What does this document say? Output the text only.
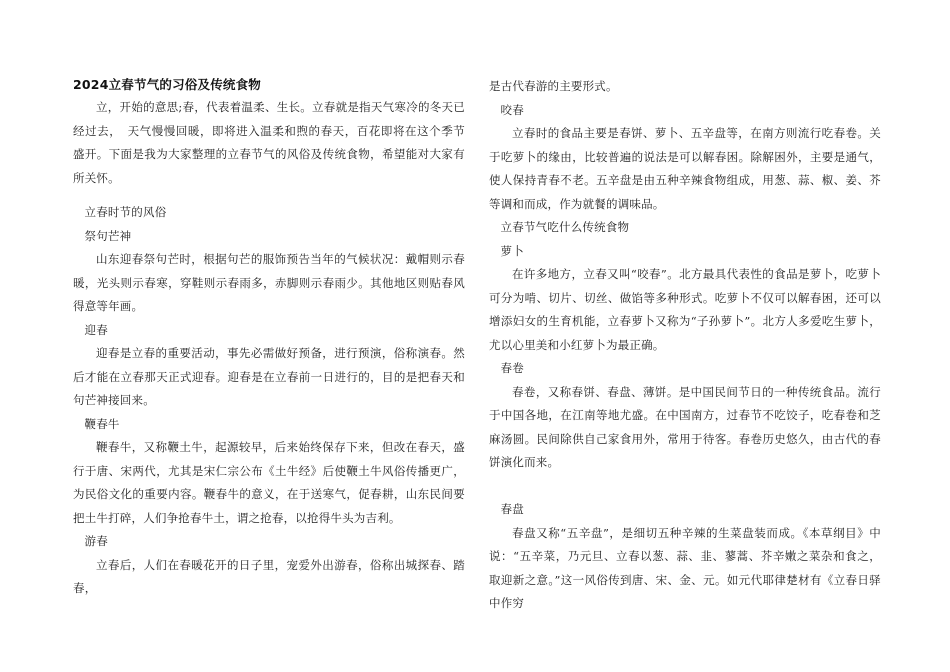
2024立春节气的习俗及传统食物

立，开始的意思;春，代表着温柔、生长。立春就是指天气寒冷的冬天已经过去，　天气慢慢回暖，即将进入温柔和煦的春天，百花即将在这个季节盛开。下面是我为大家整理的立春节气的风俗及传统食物，希望能对大家有所关怀。

立春时节的风俗

祭句芒神

山东迎春祭句芒时，根据句芒的服饰预告当年的气候状况：戴帽则示春暖，光头则示春寒，穿鞋则示春雨多，赤脚则示春雨少。其他地区则贴春风得意等年画。

迎春

迎春是立春的重要活动，事先必需做好预备，进行预演，俗称演春。然后才能在立春那天正式迎春。迎春是在立春前一日进行的，目的是把春天和句芒神接回来。

鞭春牛

鞭春牛，又称鞭土牛，起源较早，后来始终保存下来，但改在春天，盛行于唐、宋两代，尤其是宋仁宗公布《土牛经》后使鞭土牛风俗传播更广，为民俗文化的重要内容。鞭春牛的意义，在于送寒气，促春耕，山东民间要把土牛打碎，人们争抢春牛土，谓之抢春，以抢得牛头为吉利。

游春

立春后，人们在春暖花开的日子里，宠爱外出游春，俗称出城探春、踏春，

是古代春游的主要形式。

咬春

立春时的食品主要是春饼、萝卜、五辛盘等，在南方则流行吃春卷。关于吃萝卜的缘由，比较普遍的说法是可以解春困。除解困外，主要是通气，使人保持青春不老。五辛盘是由五种辛辣食物组成，用葱、蒜、椒、姜、芥等调和而成，作为就餐的调味品。

立春节气吃什么传统食物

萝卜

在许多地方，立春又叫“咬春”。北方最具代表性的食品是萝卜，吃萝卜可分为啃、切片、切丝、做馅等多种形式。吃萝卜不仅可以解春困，还可以增添妇女的生育机能，立春萝卜又称为“子孙萝卜”。北方人多爱吃生萝卜，尤以心里美和小红萝卜为最正确。

春卷

春卷，又称春饼、春盘、薄饼。是中国民间节日的一种传统食品。流行于中国各地，在江南等地尤盛。在中国南方，过春节不吃饺子，吃春卷和芝麻汤圆。民间除供自己家食用外，常用于待客。春卷历史悠久，由古代的春饼演化而来。

春盘

春盘又称“五辛盘”，是细切五种辛辣的生菜盘装而成。《本草纲目》中说：“五辛菜，乃元旦、立春以葱、蒜、韭、蓼蒿、芥辛嫩之菜杂和食之，取迎新之意。”这一风俗传到唐、宋、金、元。如元代耶律楚材有《立春日驿中作穷
